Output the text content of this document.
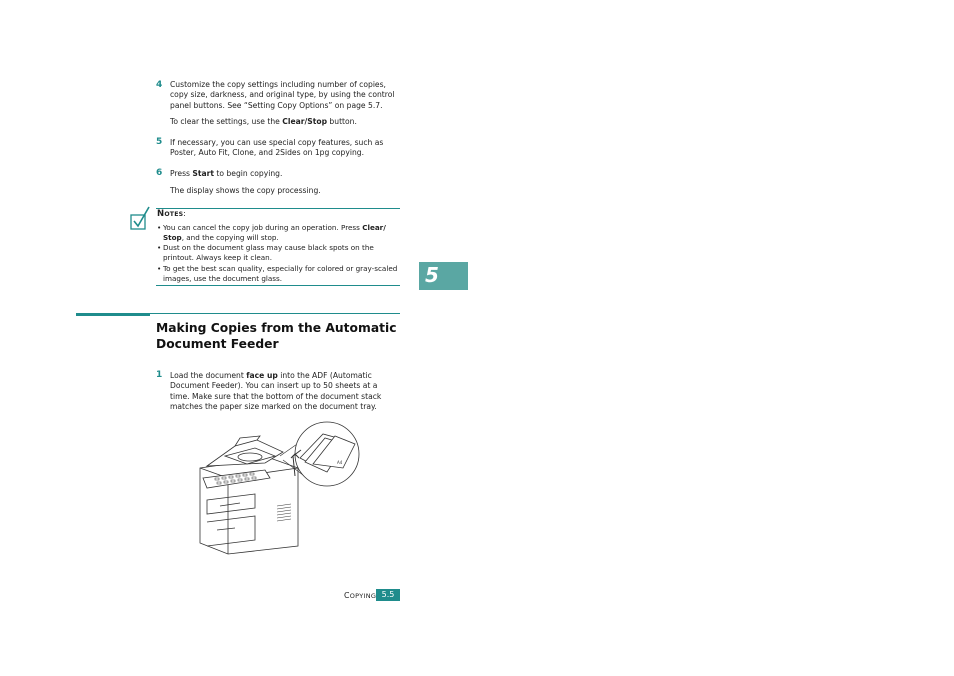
4 Customize the copy settings including number of copies,
copy size, darkness, and original type, by using the control
panel buttons. See “Setting Copy Options” on page 5.7.
To clear the settings, use the Clear/Stop button.
5 If necessary, you can use special copy features, such as
Poster, Auto Fit, Clone, and 2Sides on 1pg copying.
6 Press Start to begin copying.
The display shows the copy processing.
NOTES:
• You can cancel the copy job during an operation. Press Clear/
Stop, and the copying will stop.
• Dust on the document glass may cause black spots on the
printout. Always keep it clean.
• To get the best scan quality, especially for colored or gray-scaled
images, use the document glass.	5
Making Copies from the Automatic
Document Feeder
1 Load the document face up into the ADF (Automatic
Document Feeder). You can insert up to 50 sheets at a
time. Make sure that the bottom of the document stack
matches the paper size marked on the document tray.
A4
COPYING 5.5
